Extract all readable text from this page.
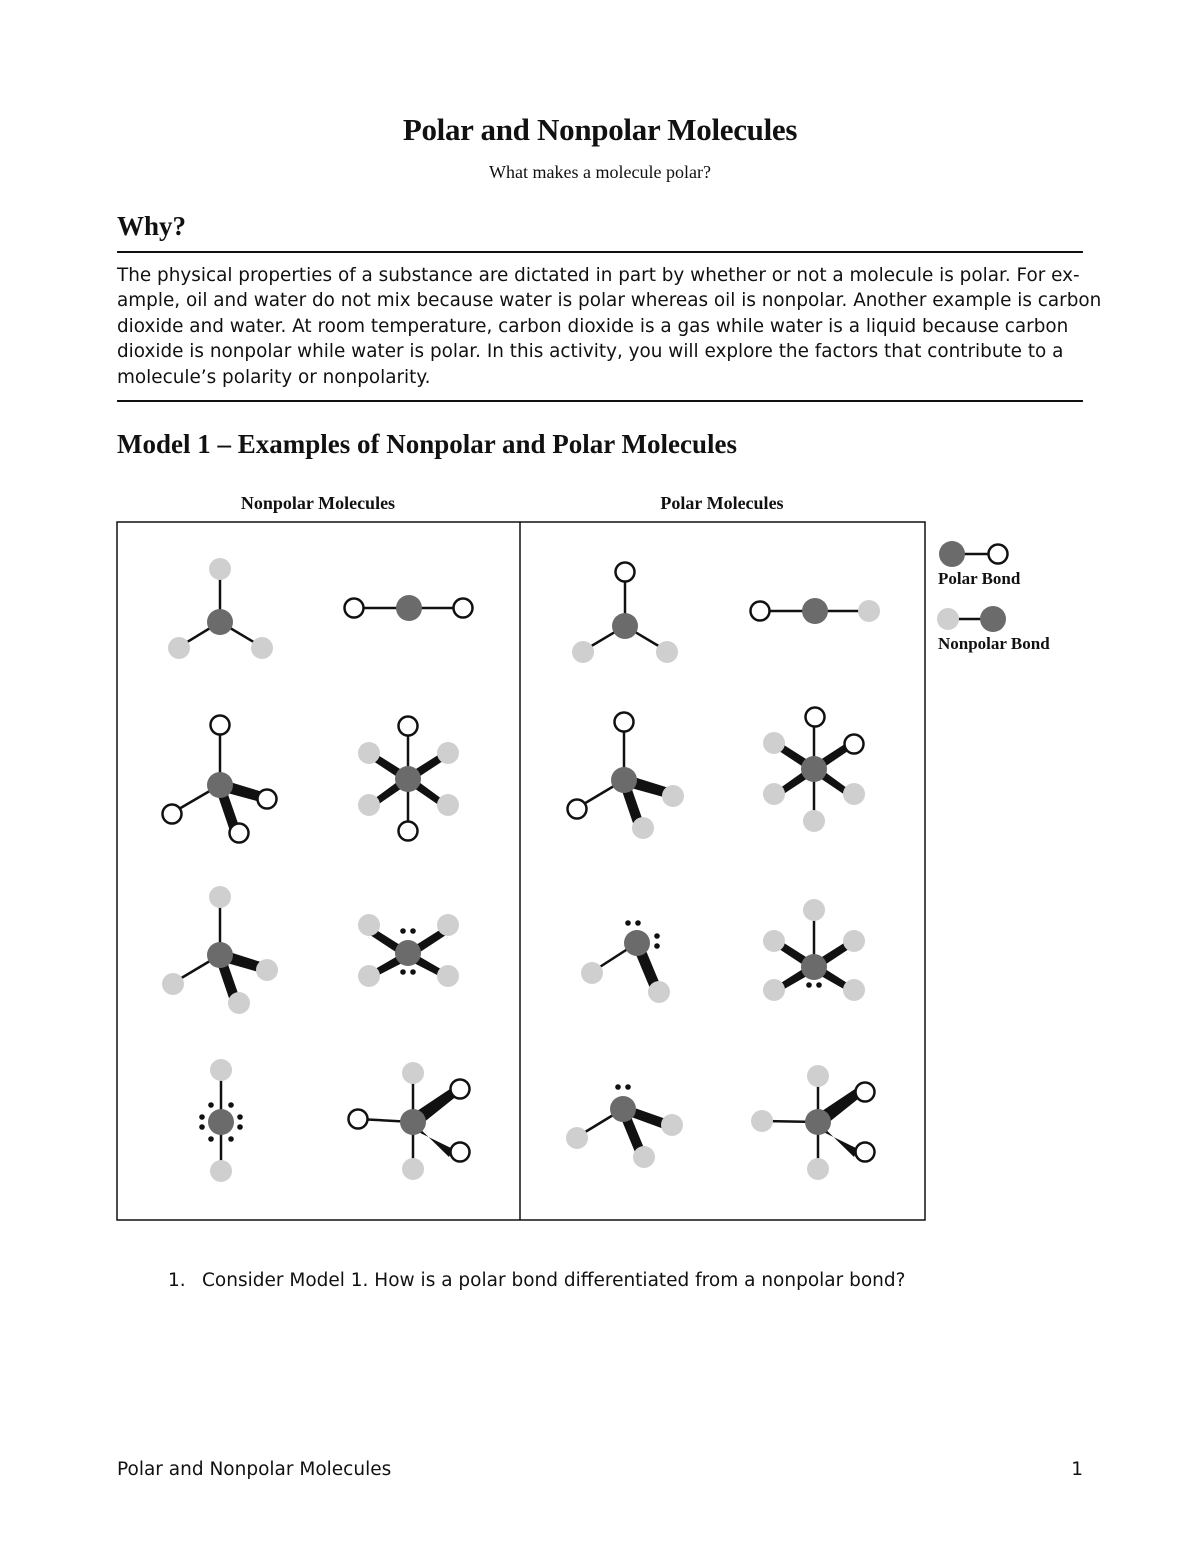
Polar and Nonpolar Molecules
What makes a molecule polar?
Why?
The physical properties of a substance are dictated in part by whether or not a molecule is polar. For ex-
ample, oil and water do not mix because water is polar whereas oil is nonpolar. Another example is carbon
dioxide and water. At room temperature, carbon dioxide is a gas while water is a liquid because carbon
dioxide is nonpolar while water is polar. In this activity, you will explore the factors that contribute to a
molecule’s polarity or nonpolarity.
Model 1 – Examples of Nonpolar and Polar Molecules
Nonpolar Molecules	Polar Molecules
Polar Bond
Nonpolar Bond
1. Consider Model 1. How is a polar bond differentiated from a nonpolar bond?
Polar and Nonpolar Molecules	1
